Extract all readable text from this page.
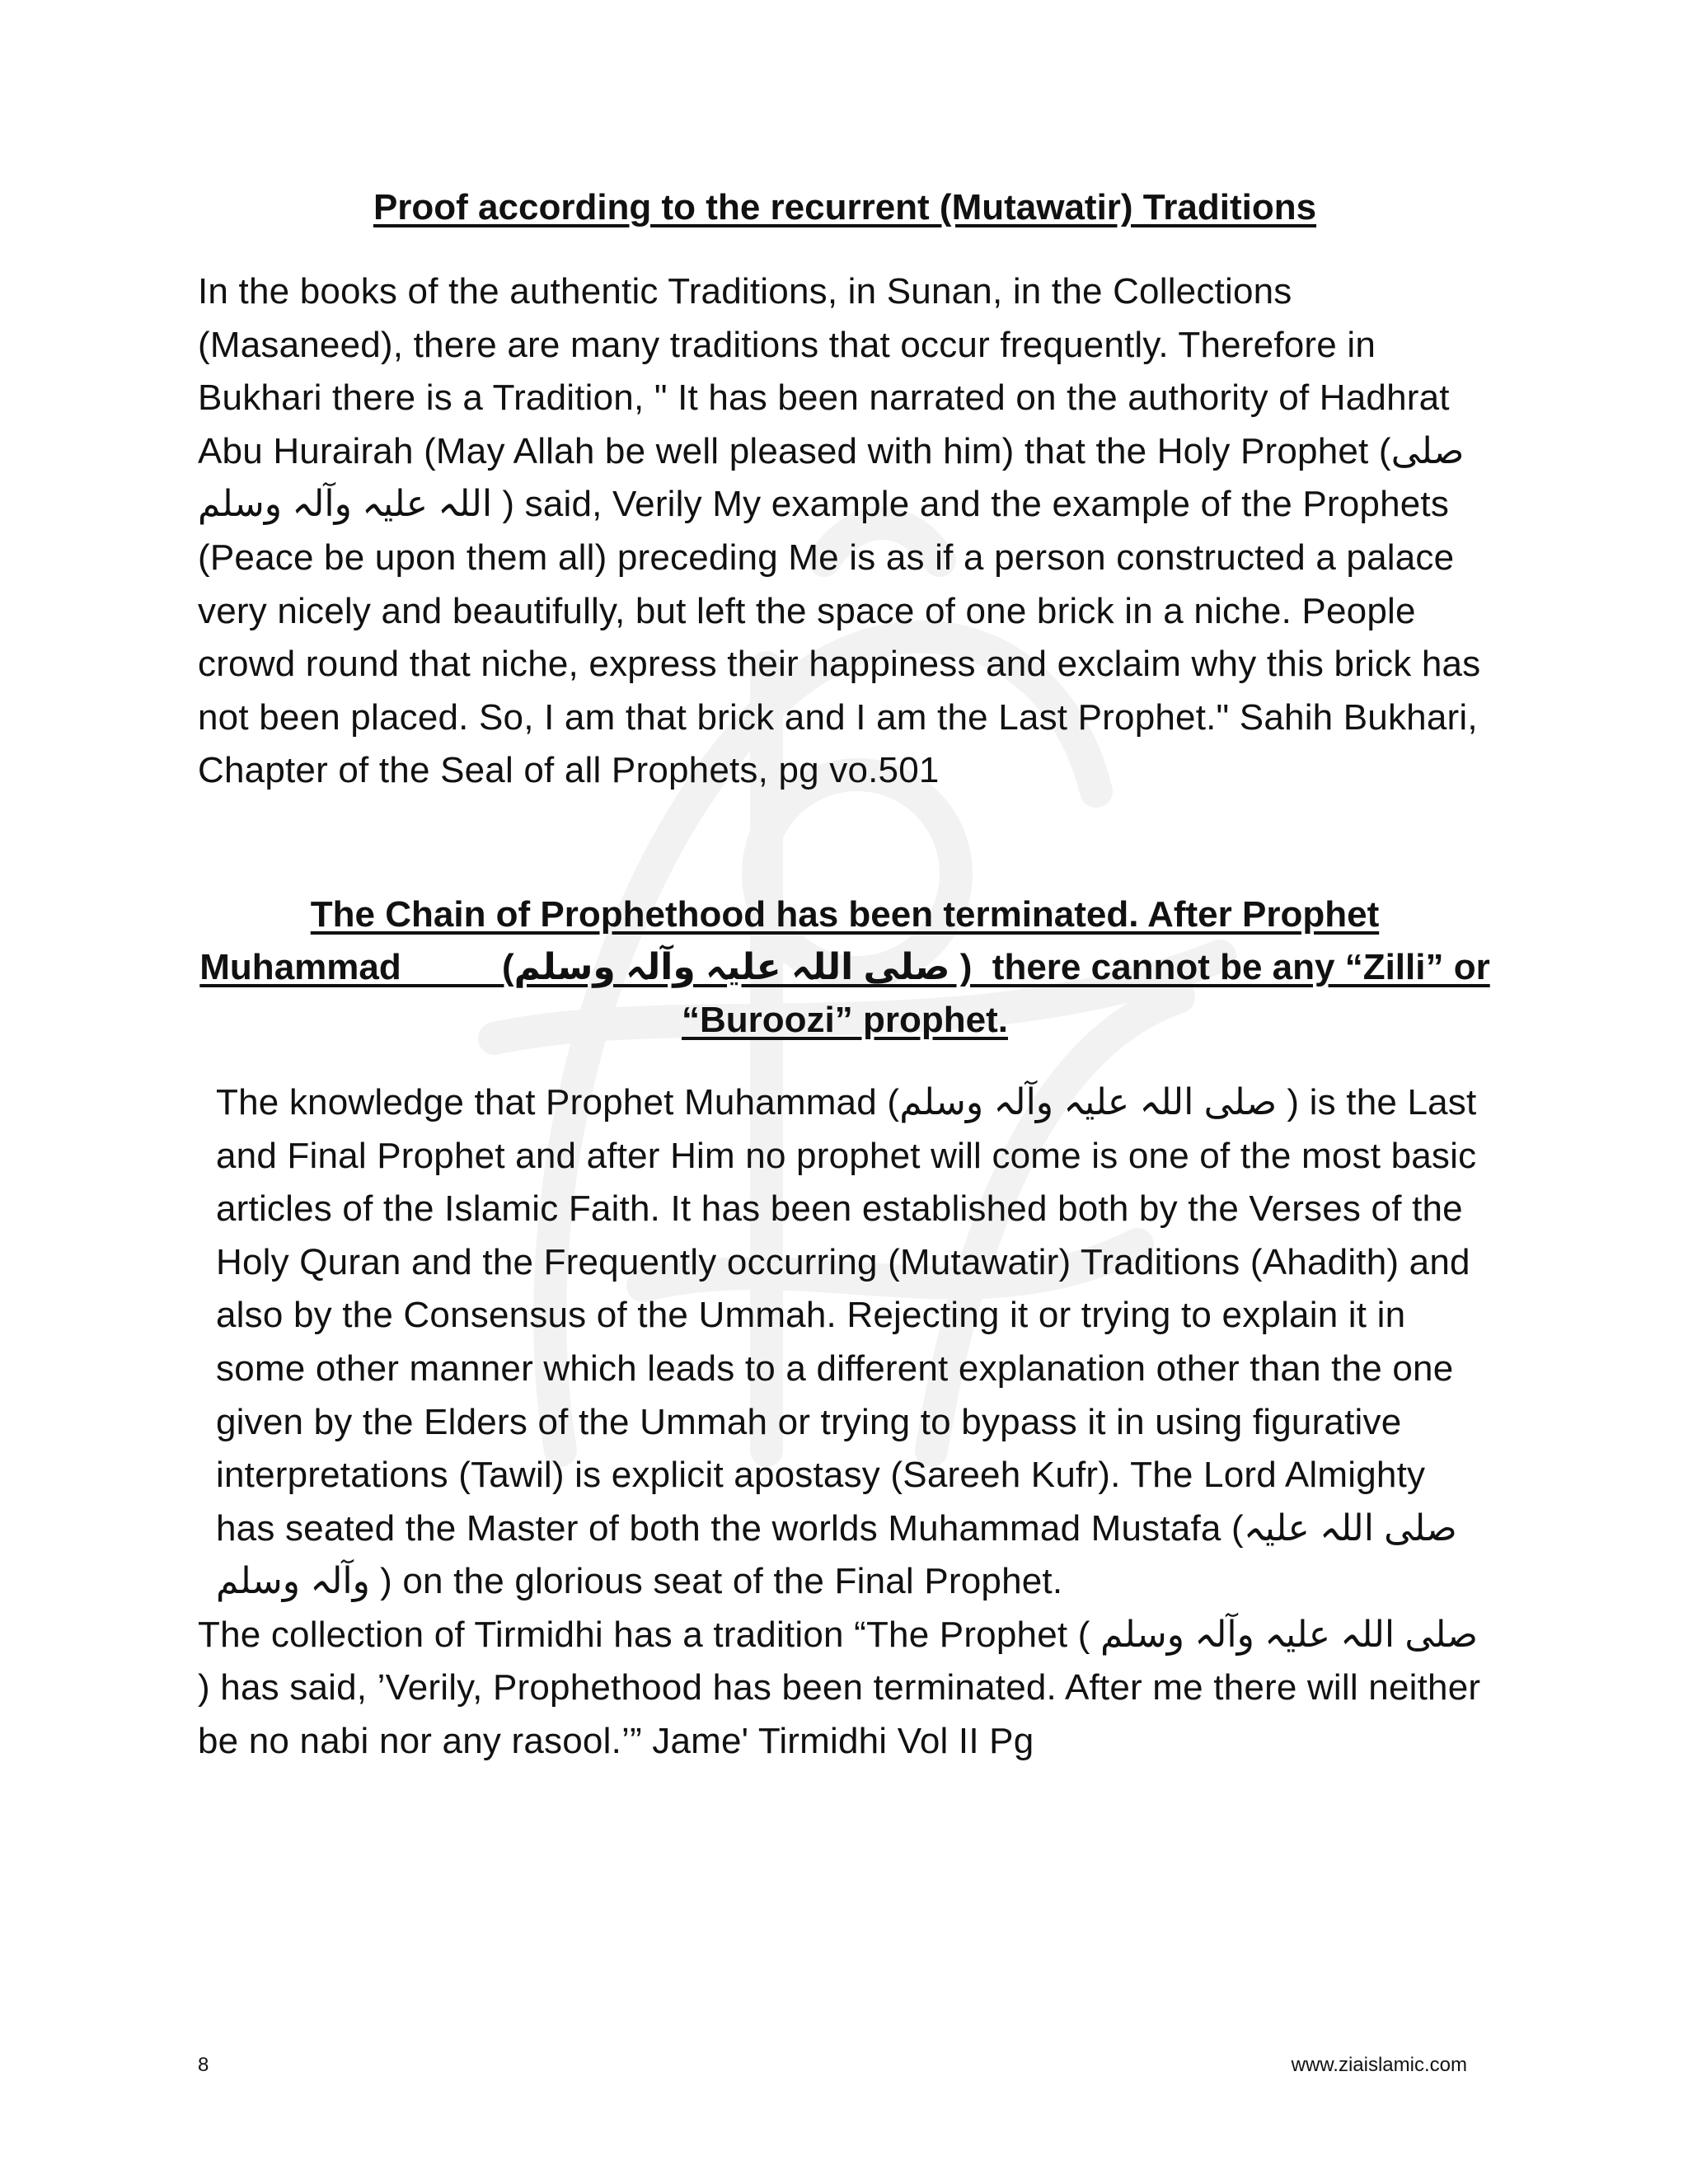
Proof according to the recurrent (Mutawatir) Traditions

In the books of the authentic Traditions, in Sunan, in the Collections (Masaneed), there are many traditions that occur frequently. Therefore in Bukhari there is a Tradition, " It has been narrated on the authority of Hadhrat Abu Hurairah (May Allah be well pleased with him) that the Holy Prophet (صلی اللہ علیہ وآلہ وسلم ) said, Verily My example and the example of the Prophets (Peace be upon them all) preceding Me is as if a person constructed a palace very nicely and beautifully, but left the space of one brick in a niche. People crowd round that niche, express their happiness and exclaim why this brick has not been placed. So, I am that brick and I am the Last Prophet." Sahih Bukhari, Chapter of the Seal of all Prophets, pg vo.501

The Chain of Prophethood has been terminated. After Prophet
Muhammad          (صلی اللہ علیہ وآلہ وسلم )  there cannot be any “Zilli” or
“Buroozi” prophet.

The knowledge that Prophet Muhammad (صلی اللہ علیہ وآلہ وسلم ) is the Last and Final Prophet and after Him no prophet will come is one of the most basic articles of the Islamic Faith. It has been established both by the Verses of the Holy Quran and the Frequently occurring (Mutawatir) Traditions (Ahadith) and also by the Consensus of the Ummah. Rejecting it or trying to explain it in some other manner which leads to a different explanation other than the one given by the Elders of the Ummah or trying to bypass it in using figurative interpretations (Tawil) is explicit apostasy (Sareeh Kufr). The Lord Almighty has seated the Master of both the worlds Muhammad Mustafa (صلی اللہ علیہ وآلہ وسلم ) on the glorious seat of the Final Prophet.

The collection of Tirmidhi has a tradition “The Prophet ( صلی اللہ علیہ وآلہ وسلم ) has said, ’Verily, Prophethood has been terminated. After me there will neither be no nabi nor any rasool.’” Jame' Tirmidhi Vol II Pg

8	www.ziaislamic.com
